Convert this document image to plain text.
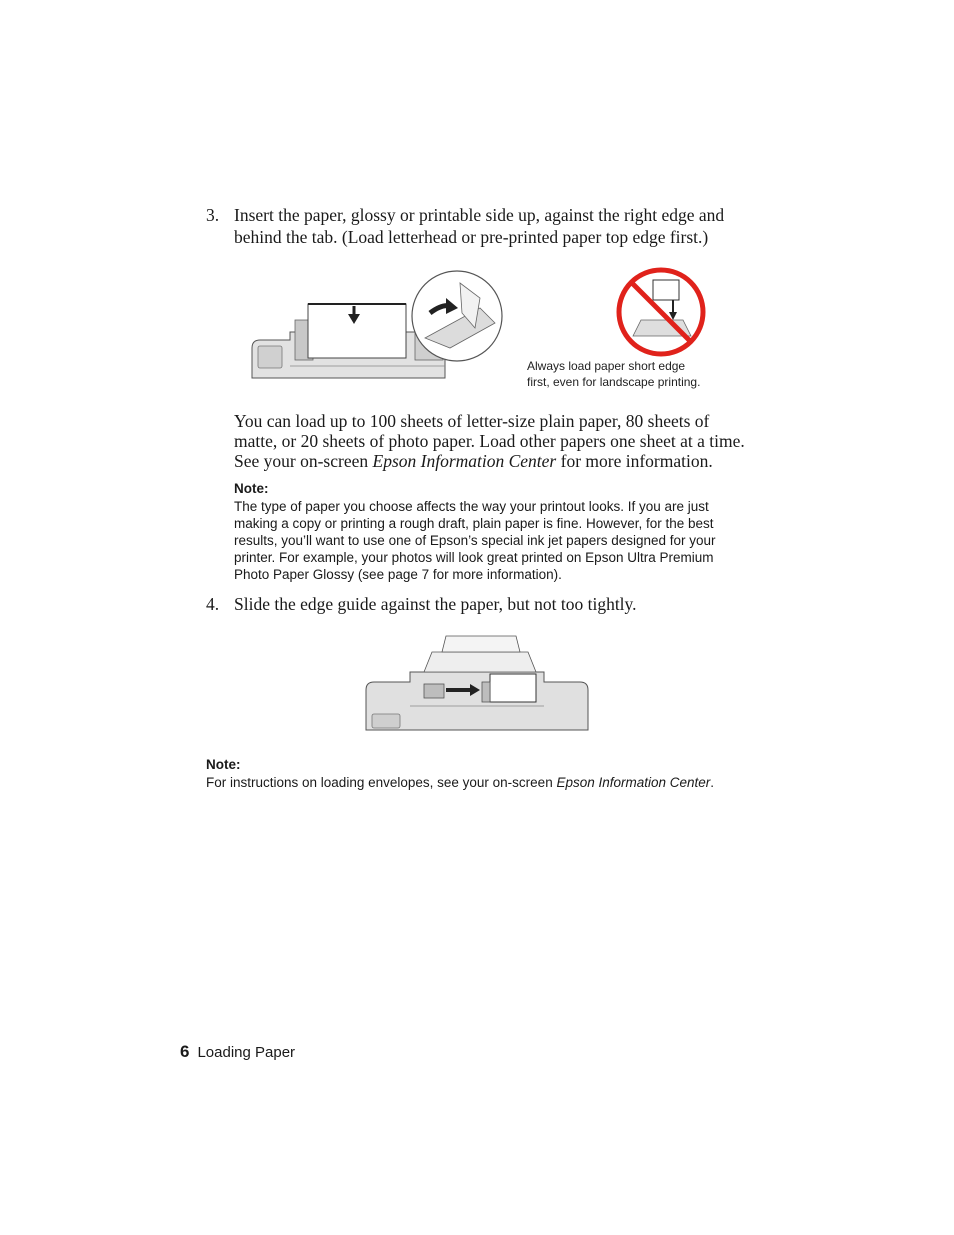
3. Insert the paper, glossy or printable side up, against the right edge and behind the tab. (Load letterhead or pre-printed paper top edge first.)
Always load paper short edge
first, even for landscape printing.
You can load up to 100 sheets of letter-size plain paper, 80 sheets of matte, or 20 sheets of photo paper. Load other papers one sheet at a time. See your on-screen Epson Information Center for more information.
Note:
The type of paper you choose affects the way your printout looks. If you are just making a copy or printing a rough draft, plain paper is fine. However, for the best results, you’ll want to use one of Epson’s special ink jet papers designed for your printer. For example, your photos will look great printed on Epson Ultra Premium Photo Paper Glossy (see page 7 for more information).
4. Slide the edge guide against the paper, but not too tightly.
Note:
For instructions on loading envelopes, see your on-screen Epson Information Center.
6 Loading Paper
